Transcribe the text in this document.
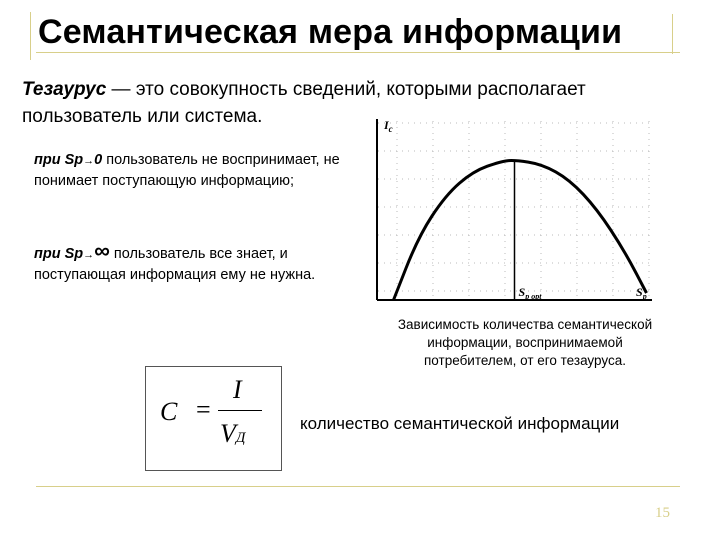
Семантическая мера информации
Тезаурус — это совокупность сведений, которыми располагает пользователь или система.
при Sp→0 пользователь не воспринимает, не понимает поступающую информацию;
при Sp→∞ пользователь все знает, и поступающая информация ему не нужна.
$I_c$
$S_{p opt}$	$S_p$
Зависимость количества семантической информации, воспринимаемой потребителем, от его тезауруса.
C =
I
VД
количество семантической информации
15
